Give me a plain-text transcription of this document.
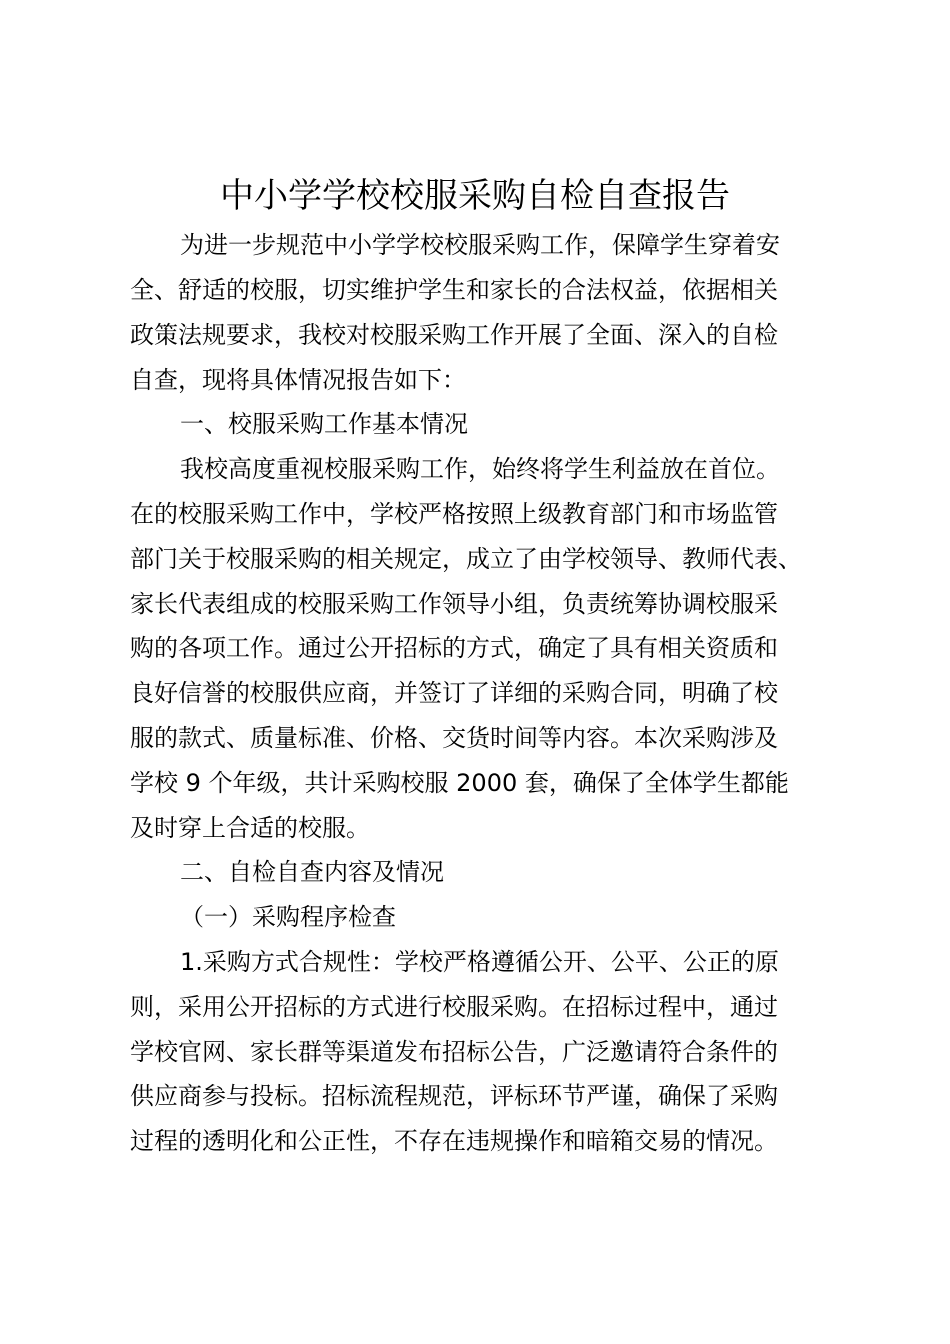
中小学学校校服采购自检自查报告
为进一步规范中小学学校校服采购工作，保障学生穿着安
全、舒适的校服，切实维护学生和家长的合法权益，依据相关
政策法规要求，我校对校服采购工作开展了全面、深入的自检
自查，现将具体情况报告如下：
一、校服采购工作基本情况
我校高度重视校服采购工作，始终将学生利益放在首位。
在的校服采购工作中，学校严格按照上级教育部门和市场监管
部门关于校服采购的相关规定，成立了由学校领导、教师代表、
家长代表组成的校服采购工作领导小组，负责统筹协调校服采
购的各项工作。通过公开招标的方式，确定了具有相关资质和
良好信誉的校服供应商，并签订了详细的采购合同，明确了校
服的款式、质量标准、价格、交货时间等内容。本次采购涉及
学校 9 个年级，共计采购校服 2000 套，确保了全体学生都能
及时穿上合适的校服。
二、自检自查内容及情况
（一）采购程序检查
1.采购方式合规性：学校严格遵循公开、公平、公正的原
则，采用公开招标的方式进行校服采购。在招标过程中，通过
学校官网、家长群等渠道发布招标公告，广泛邀请符合条件的
供应商参与投标。招标流程规范，评标环节严谨，确保了采购
过程的透明化和公正性，不存在违规操作和暗箱交易的情况。
